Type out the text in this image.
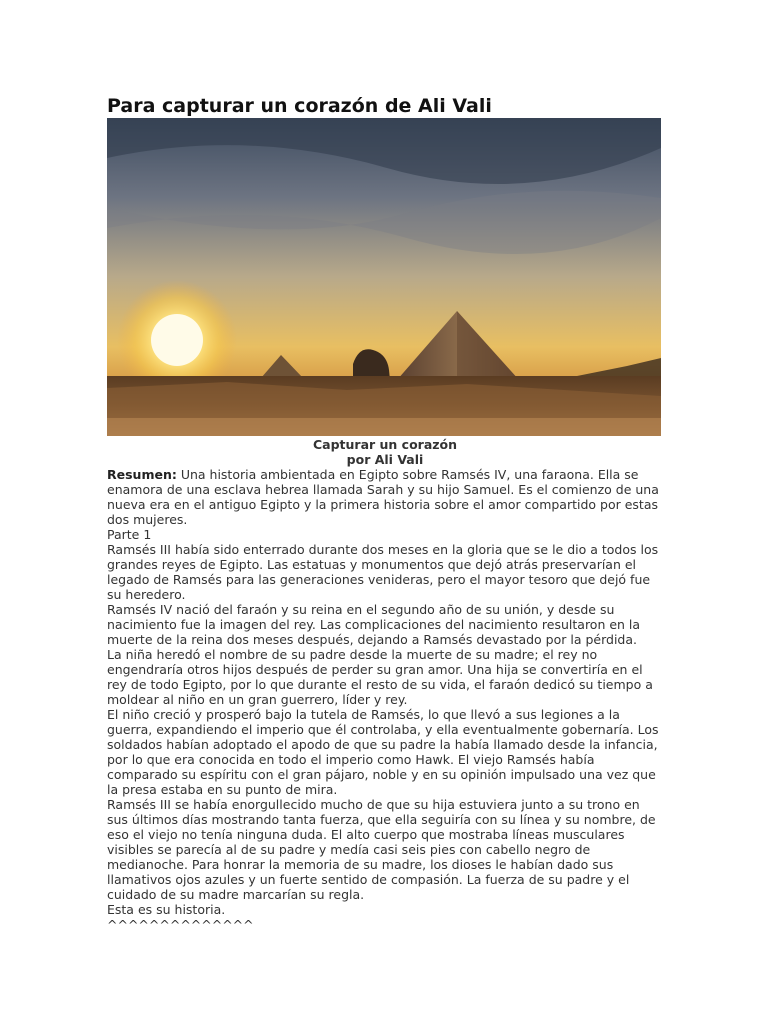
Para capturar un corazón de Ali Vali
Capturar un corazón
por Ali Vali

Resumen: Una historia ambientada en Egipto sobre Ramsés IV, una faraona. Ella se enamora de una esclava hebrea llamada Sarah y su hijo Samuel. Es el comienzo de una nueva era en el antiguo Egipto y la primera historia sobre el amor compartido por estas dos mujeres.

Parte 1

Ramsés III había sido enterrado durante dos meses en la gloria que se le dio a todos los grandes reyes de Egipto. Las estatuas y monumentos que dejó atrás preservarían el legado de Ramsés para las generaciones venideras, pero el mayor tesoro que dejó fue su heredero.

Ramsés IV nació del faraón y su reina en el segundo año de su unión, y desde su nacimiento fue la imagen del rey. Las complicaciones del nacimiento resultaron en la muerte de la reina dos meses después, dejando a Ramsés devastado por la pérdida.

La niña heredó el nombre de su padre desde la muerte de su madre; el rey no engendraría otros hijos después de perder su gran amor. Una hija se convertiría en el rey de todo Egipto, por lo que durante el resto de su vida, el faraón dedicó su tiempo a moldear al niño en un gran guerrero, líder y rey.

El niño creció y prosperó bajo la tutela de Ramsés, lo que llevó a sus legiones a la guerra, expandiendo el imperio que él controlaba, y ella eventualmente gobernaría. Los soldados habían adoptado el apodo de que su padre la había llamado desde la infancia, por lo que era conocida en todo el imperio como Hawk. El viejo Ramsés había comparado su espíritu con el gran pájaro, noble y en su opinión impulsado una vez que la presa estaba en su punto de mira.

Ramsés III se había enorgullecido mucho de que su hija estuviera junto a su trono en sus últimos días mostrando tanta fuerza, que ella seguiría con su línea y su nombre, de eso el viejo no tenía ninguna duda. El alto cuerpo que mostraba líneas musculares visibles se parecía al de su padre y medía casi seis pies con cabello negro de medianoche. Para honrar la memoria de su madre, los dioses le habían dado sus llamativos ojos azules y un fuerte sentido de compasión. La fuerza de su padre y el cuidado de su madre marcarían su regla.

Esta es su historia.

^^^^^^^^^^^^^^
